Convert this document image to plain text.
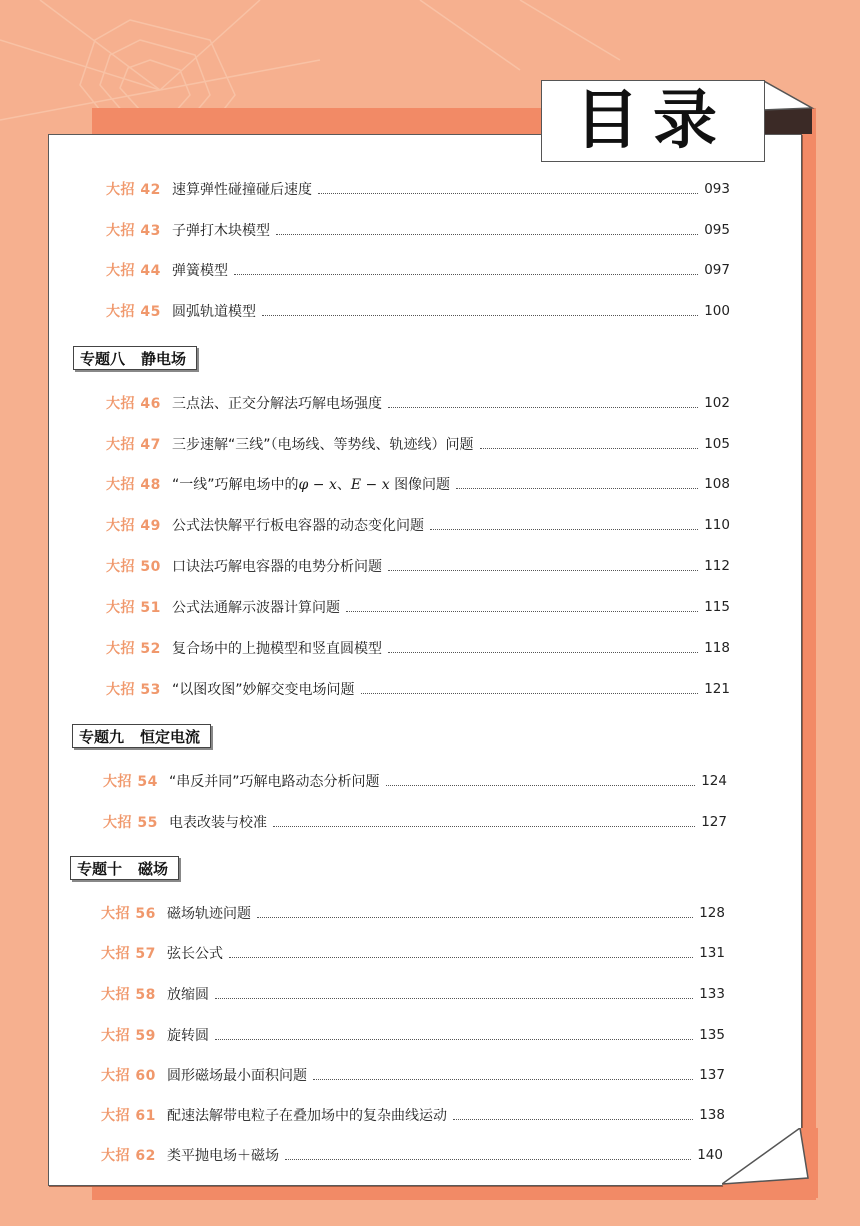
目录
大招 42 速算弹性碰撞碰后速度	093
大招 43 子弹打木块模型	095
大招 44 弹簧模型	097
大招 45 圆弧轨道模型	100
专题八 静电场
大招 46 三点法、正交分解法巧解电场强度	102
大招 47 三步速解“三线”（电场线、等势线、轨迹线）问题	105
大招 48 “一线”巧解电场中的φ − x、E − x 图像问题	108
大招 49 公式法快解平行板电容器的动态变化问题	110
大招 50 口诀法巧解电容器的电势分析问题	112
大招 51 公式法通解示波器计算问题	115
大招 52 复合场中的上抛模型和竖直圆模型	118
大招 53 “以图攻图”妙解交变电场问题	121
专题九 恒定电流
大招 54 “串反并同”巧解电路动态分析问题	124
大招 55 电表改装与校准	127
专题十 磁场
大招 56 磁场轨迹问题	128
大招 57 弦长公式	131
大招 58 放缩圆	133
大招 59 旋转圆	135
大招 60 圆形磁场最小面积问题	137
大招 61 配速法解带电粒子在叠加场中的复杂曲线运动	138
大招 62 类平抛电场＋磁场	140
